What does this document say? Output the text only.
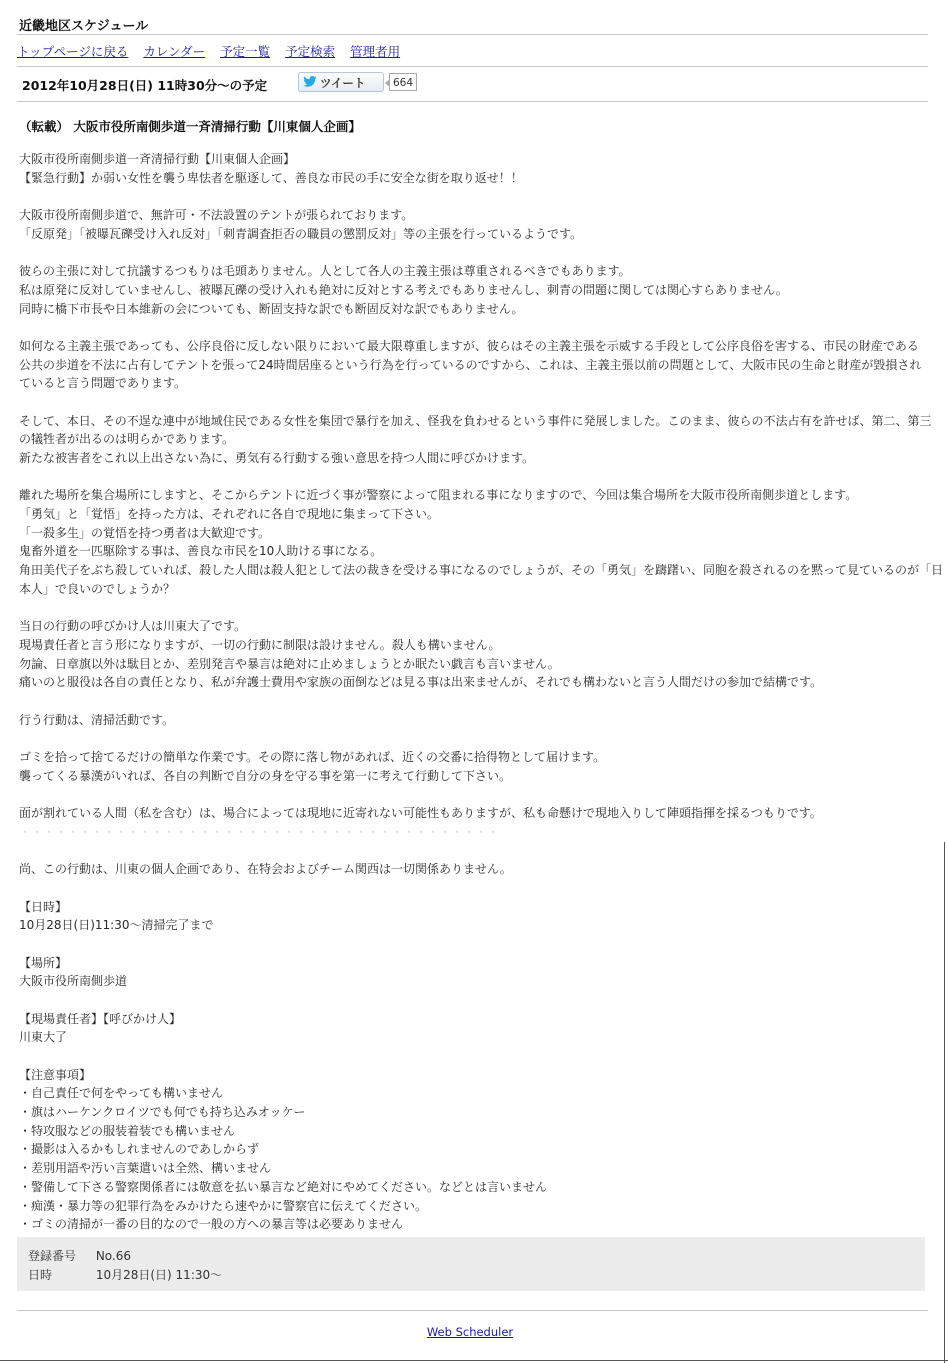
近畿地区スケジュール
トップページに戻る カレンダー 予定一覧 予定検索 管理者用
2012年10月28日(日) 11時30分～の予定	ツイート	664
（転載） 大阪市役所南側歩道一斉清掃行動【川東個人企画】
大阪市役所南側歩道一斉清掃行動【川東個人企画】
【緊急行動】か弱い女性を襲う卑怯者を駆逐して、善良な市民の手に安全な街を取り返せ！！
大阪市役所南側歩道で、無許可・不法設置のテントが張られております。
「反原発」「被曝瓦礫受け入れ反対」「刺青調査拒否の職員の懲罰反対」等の主張を行っているようです。
彼らの主張に対して抗議するつもりは毛頭ありません。人として各人の主義主張は尊重されるべきでもあります。
私は原発に反対していませんし、被曝瓦礫の受け入れも絶対に反対とする考えでもありませんし、刺青の問題に関しては関心すらありません。
同時に橋下市長や日本維新の会についても、断固支持な訳でも断固反対な訳でもありません。
如何なる主義主張であっても、公序良俗に反しない限りにおいて最大限尊重しますが、彼らはその主義主張を示威する手段として公序良俗を害する、市民の財産である
公共の歩道を不法に占有してテントを張って24時間居座るという行為を行っているのですから、これは、主義主張以前の問題として、大阪市民の生命と財産が毀損され
ていると言う問題であります。
そして、本日、その不逞な連中が地域住民である女性を集団で暴行を加え、怪我を負わせるという事件に発展しました。このまま、彼らの不法占有を許せば、第二、第三
の犠牲者が出るのは明らかであります。
新たな被害者をこれ以上出さない為に、勇気有る行動する強い意思を持つ人間に呼びかけます。
離れた場所を集合場所にしますと、そこからテントに近づく事が警察によって阻まれる事になりますので、今回は集合場所を大阪市役所南側歩道とします。
「勇気」と「覚悟」を持った方は、それぞれに各自で現地に集まって下さい。
「一殺多生」の覚悟を持つ勇者は大歓迎です。
鬼畜外道を一匹駆除する事は、善良な市民を10人助ける事になる。
角田美代子をぶち殺していれば、殺した人間は殺人犯として法の裁きを受ける事になるのでしょうが、その「勇気」を躊躇い、同胞を殺されるのを黙って見ているのが「日
本人」で良いのでしょうか？
当日の行動の呼びかけ人は川東大了です。
現場責任者と言う形になりますが、一切の行動に制限は設けません。殺人も構いません。
勿論、日章旗以外は駄目とか、差別発言や暴言は絶対に止めましょうとか眠たい戯言も言いません。
痛いのと服役は各自の責任となり、私が弁護士費用や家族の面倒などは見る事は出来ませんが、それでも構わないと言う人間だけの参加で結構です。
行う行動は、清掃活動です。
ゴミを拾って捨てるだけの簡単な作業です。その際に落し物があれば、近くの交番に拾得物として届けます。
襲ってくる暴漢がいれば、各自の判断で自分の身を守る事を第一に考えて行動して下さい。
面が割れている人間（私を含む）は、場合によっては現地に近寄れない可能性もありますが、私も命懸けで現地入りして陣頭指揮を採るつもりです。
・・・・・・・・・・・・・・・・・・・・・・・・・・・・・・・・・・・・・・・・
尚、この行動は、川東の個人企画であり、在特会およびチーム関西は一切関係ありません。
【日時】
10月28日(日)11:30～清掃完了まで
【場所】
大阪市役所南側歩道
【現場責任者】【呼びかけ人】
川東大了
【注意事項】
・自己責任で何をやっても構いません
・旗はハーケンクロイツでも何でも持ち込みオッケー
・特攻服などの服装着装でも構いません
・撮影は入るかもしれませんのであしからず
・差別用語や汚い言葉遣いは全然、構いません
・警備して下さる警察関係者には敬意を払い暴言など絶対にやめてください。などとは言いません
・痴漢・暴力等の犯罪行為をみかけたら速やかに警察官に伝えてください。
・ゴミの清掃が一番の目的なので一般の方への暴言等は必要ありません
登録番号 No.66
日時	10月28日(日) 11:30～
Web Scheduler
